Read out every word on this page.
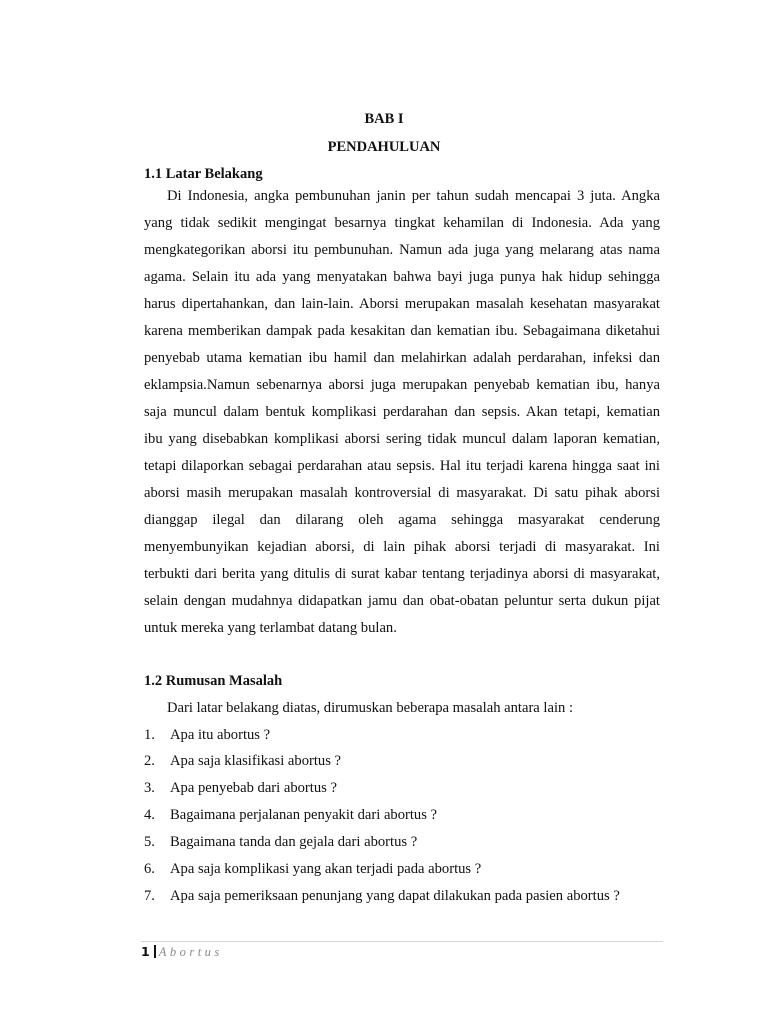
BAB I
PENDAHULUAN
1.1 Latar Belakang
Di Indonesia, angka pembunuhan janin per tahun sudah mencapai 3 juta. Angka
yang tidak sedikit mengingat besarnya tingkat kehamilan di Indonesia. Ada yang
mengkategorikan aborsi itu pembunuhan. Namun ada juga yang melarang atas nama
agama. Selain itu ada yang menyatakan bahwa bayi juga punya hak hidup sehingga
harus dipertahankan, dan lain-lain. Aborsi merupakan masalah kesehatan masyarakat
karena memberikan dampak pada kesakitan dan kematian ibu. Sebagaimana diketahui
penyebab utama kematian ibu hamil dan melahirkan adalah perdarahan, infeksi dan
eklampsia.Namun sebenarnya aborsi juga merupakan penyebab kematian ibu, hanya
saja muncul dalam bentuk komplikasi perdarahan dan sepsis. Akan tetapi, kematian
ibu yang disebabkan komplikasi aborsi sering tidak muncul dalam laporan kematian,
tetapi dilaporkan sebagai perdarahan atau sepsis. Hal itu terjadi karena hingga saat ini
aborsi masih merupakan masalah kontroversial di masyarakat. Di satu pihak aborsi
dianggap ilegal dan dilarang oleh agama sehingga masyarakat cenderung
menyembunyikan kejadian aborsi, di lain pihak aborsi terjadi di masyarakat. Ini
terbukti dari berita yang ditulis di surat kabar tentang terjadinya aborsi di masyarakat,
selain dengan mudahnya didapatkan jamu dan obat-obatan peluntur serta dukun pijat
untuk mereka yang terlambat datang bulan.
1.2 Rumusan Masalah
Dari latar belakang diatas, dirumuskan beberapa masalah antara lain :
1.	Apa itu abortus ?
2.	Apa saja klasifikasi abortus ?
3.	Apa penyebab dari abortus ?
4.	Bagaimana perjalanan penyakit dari abortus ?
5.	Bagaimana tanda dan gejala dari abortus ?
6.	Apa saja komplikasi yang akan terjadi pada abortus ?
7.	Apa saja pemeriksaan penunjang yang dapat dilakukan pada pasien abortus ?
1 Abortus
